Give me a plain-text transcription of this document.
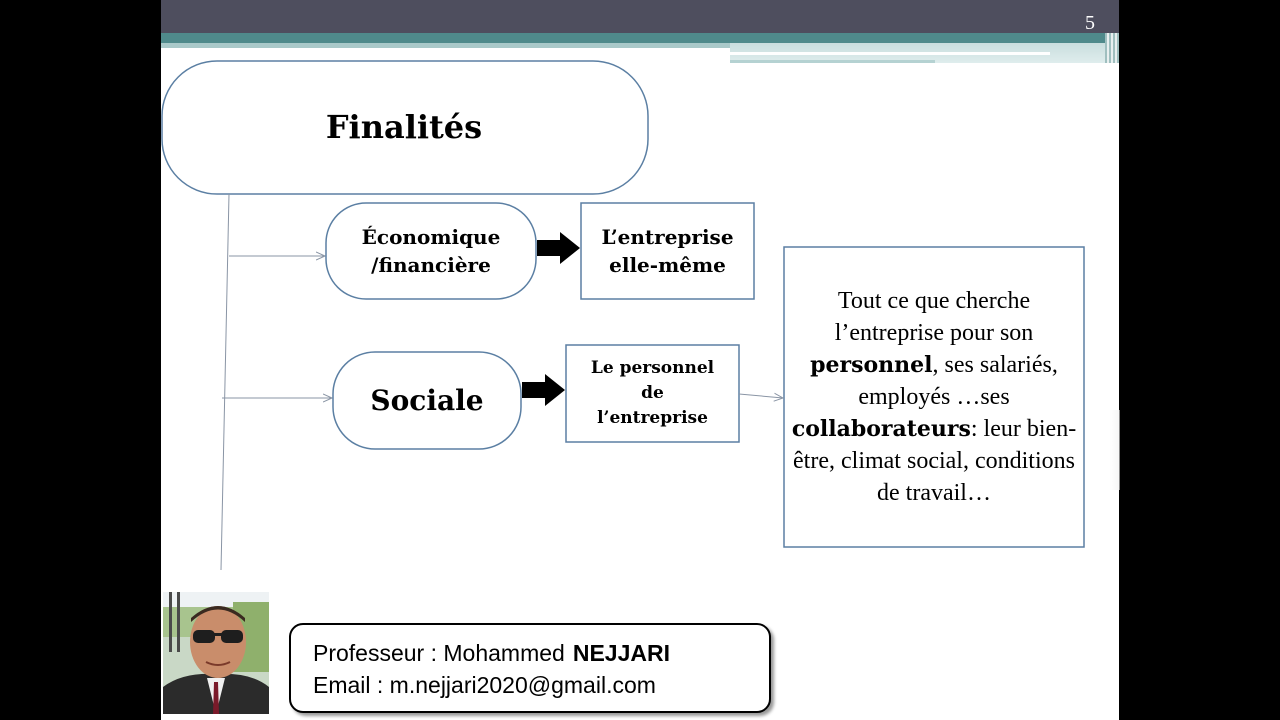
5
Finalités
Économique
/financière
L’entreprise
elle-même
Sociale
Le personnel
de
l’entreprise
Tout ce que cherche l’entreprise pour son personnel, ses salariés, employés …ses collaborateurs: leur bien-être, climat social, conditions de travail…
Professeur : Mohammed NEJJARI
Email : m.nejjari2020@gmail.com
